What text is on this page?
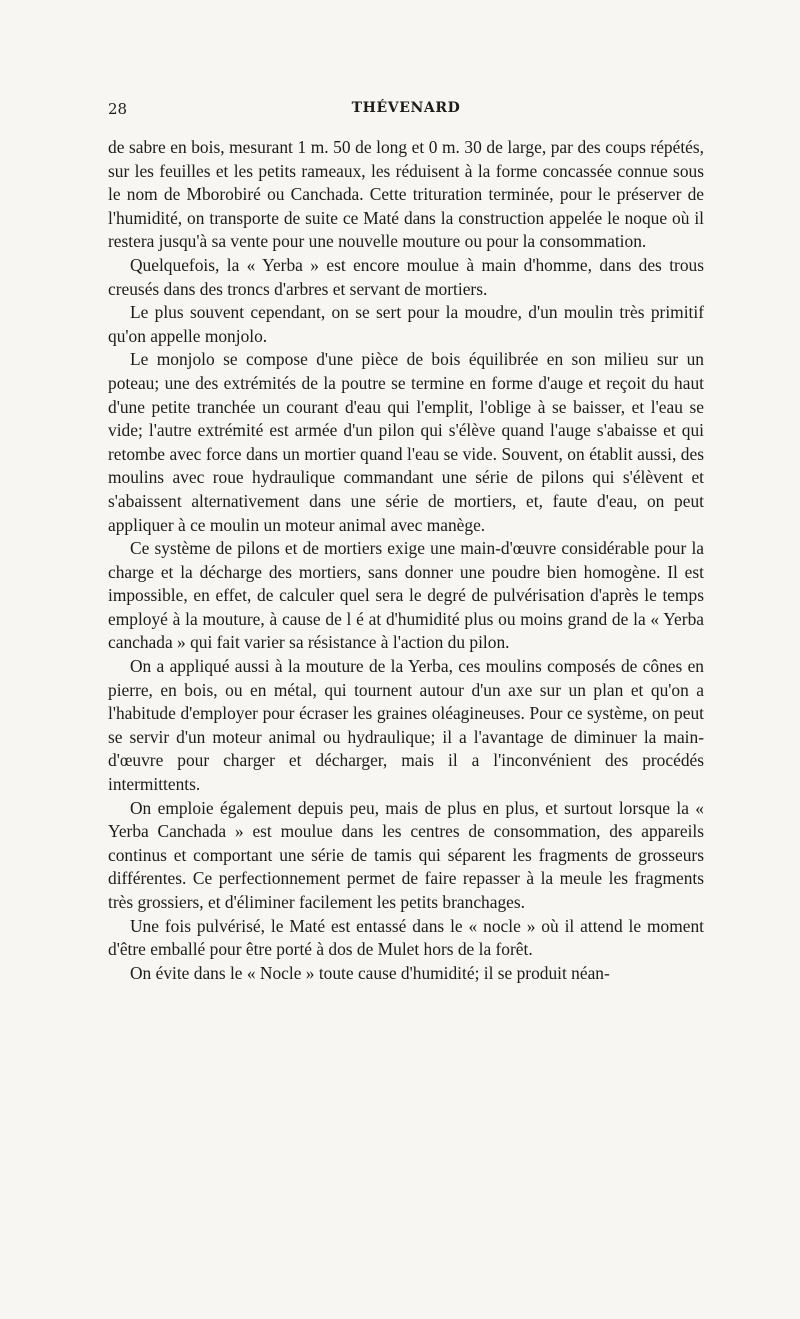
28	THÉVENARD

de sabre en bois, mesurant 1 m. 50 de long et 0 m. 30 de large, par des coups répétés, sur les feuilles et les petits rameaux, les réduisent à la forme concassée connue sous le nom de Mborobiré ou Canchada. Cette trituration terminée, pour le préserver de l'humidité, on transporte de suite ce Maté dans la construction appelée le noque où il restera jusqu'à sa vente pour une nouvelle mouture ou pour la consommation.

Quelquefois, la « Yerba » est encore moulue à main d'homme, dans des trous creusés dans des troncs d'arbres et servant de mortiers.

Le plus souvent cependant, on se sert pour la moudre, d'un moulin très primitif qu'on appelle monjolo.

Le monjolo se compose d'une pièce de bois équilibrée en son milieu sur un poteau; une des extrémités de la poutre se termine en forme d'auge et reçoit du haut d'une petite tranchée un courant d'eau qui l'emplit, l'oblige à se baisser, et l'eau se vide; l'autre extrémité est armée d'un pilon qui s'élève quand l'auge s'abaisse et qui retombe avec force dans un mortier quand l'eau se vide. Souvent, on établit aussi, des moulins avec roue hydraulique commandant une série de pilons qui s'élèvent et s'abaissent alternativement dans une série de mortiers, et, faute d'eau, on peut appliquer à ce moulin un moteur animal avec manège.

Ce système de pilons et de mortiers exige une main-d'œuvre considérable pour la charge et la décharge des mortiers, sans donner une poudre bien homogène. Il est impossible, en effet, de calculer quel sera le degré de pulvérisation d'après le temps employé à la mouture, à cause de l é at d'humidité plus ou moins grand de la « Yerba canchada » qui fait varier sa résistance à l'action du pilon.

On a appliqué aussi à la mouture de la Yerba, ces moulins composés de cônes en pierre, en bois, ou en métal, qui tournent autour d'un axe sur un plan et qu'on a l'habitude d'employer pour écraser les graines oléagineuses. Pour ce système, on peut se servir d'un moteur animal ou hydraulique; il a l'avantage de diminuer la main-d'œuvre pour charger et décharger, mais il a l'inconvénient des procédés intermittents.

On emploie également depuis peu, mais de plus en plus, et surtout lorsque la « Yerba Canchada » est moulue dans les centres de consommation, des appareils continus et comportant une série de tamis qui séparent les fragments de grosseurs différentes. Ce perfectionnement permet de faire repasser à la meule les fragments très grossiers, et d'éliminer facilement les petits branchages.

Une fois pulvérisé, le Maté est entassé dans le « nocle » où il attend le moment d'être emballé pour être porté à dos de Mulet hors de la forêt.

On évite dans le « Nocle » toute cause d'humidité; il se produit néan-
